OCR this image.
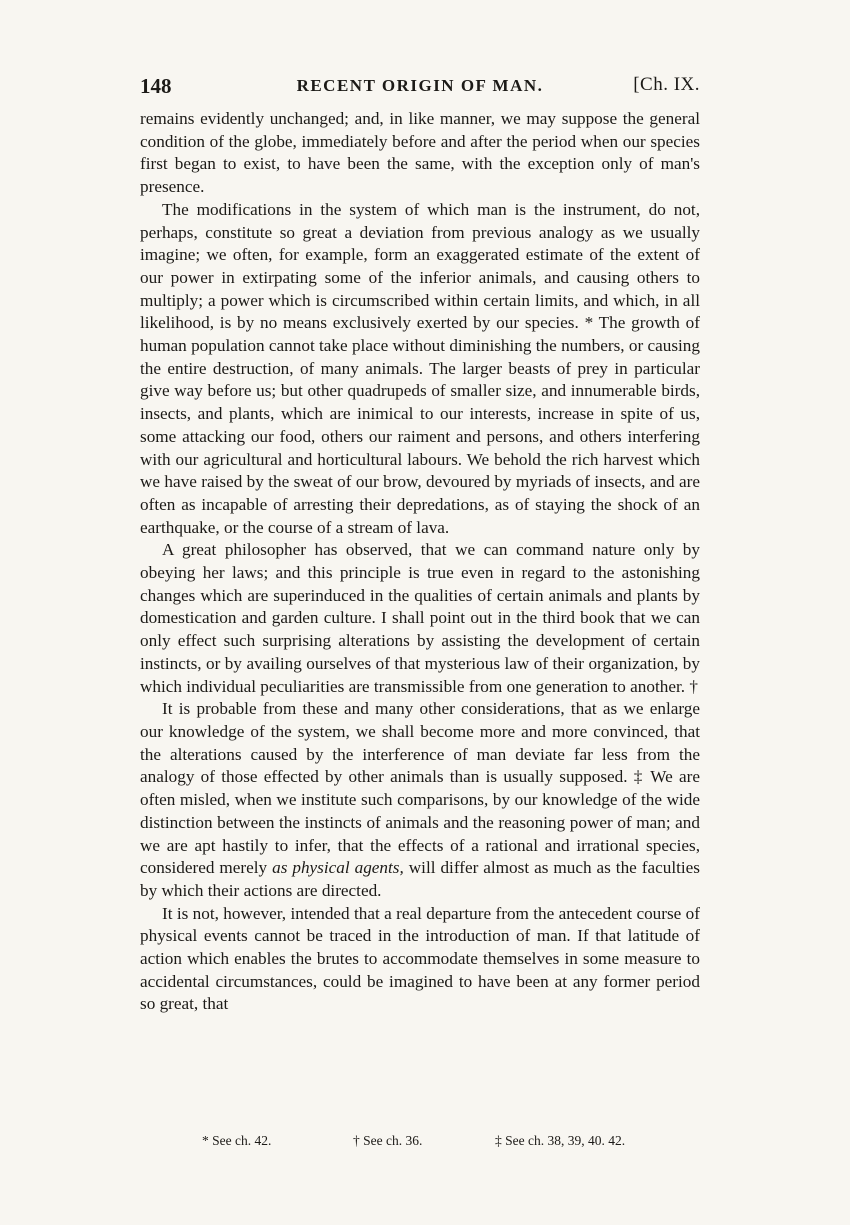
148	RECENT ORIGIN OF MAN.	[Ch. IX.

remains evidently unchanged; and, in like manner, we may suppose the general condition of the globe, immediately before and after the period when our species first began to exist, to have been the same, with the exception only of man's presence.

The modifications in the system of which man is the instrument, do not, perhaps, constitute so great a deviation from previous analogy as we usually imagine; we often, for example, form an exaggerated estimate of the extent of our power in extirpating some of the inferior animals, and causing others to multiply; a power which is circumscribed within certain limits, and which, in all likelihood, is by no means exclusively exerted by our species. * The growth of human population cannot take place without diminishing the numbers, or causing the entire destruction, of many animals. The larger beasts of prey in particular give way before us; but other quadrupeds of smaller size, and innumerable birds, insects, and plants, which are inimical to our interests, increase in spite of us, some attacking our food, others our raiment and persons, and others interfering with our agricultural and horticultural labours. We behold the rich harvest which we have raised by the sweat of our brow, devoured by myriads of insects, and are often as incapable of arresting their depredations, as of staying the shock of an earthquake, or the course of a stream of lava.

A great philosopher has observed, that we can command nature only by obeying her laws; and this principle is true even in regard to the astonishing changes which are superinduced in the qualities of certain animals and plants by domestication and garden culture. I shall point out in the third book that we can only effect such surprising alterations by assisting the development of certain instincts, or by availing ourselves of that mysterious law of their organization, by which individual peculiarities are transmissible from one generation to another. †

It is probable from these and many other considerations, that as we enlarge our knowledge of the system, we shall become more and more convinced, that the alterations caused by the interference of man deviate far less from the analogy of those effected by other animals than is usually supposed. ‡ We are often misled, when we institute such comparisons, by our knowledge of the wide distinction between the instincts of animals and the reasoning power of man; and we are apt hastily to infer, that the effects of a rational and irrational species, considered merely as physical agents, will differ almost as much as the faculties by which their actions are directed.

It is not, however, intended that a real departure from the antecedent course of physical events cannot be traced in the introduction of man. If that latitude of action which enables the brutes to accommodate themselves in some measure to accidental circumstances, could be imagined to have been at any former period so great, that

* See ch. 42.	† See ch. 36.	‡ See ch. 38, 39, 40. 42.
